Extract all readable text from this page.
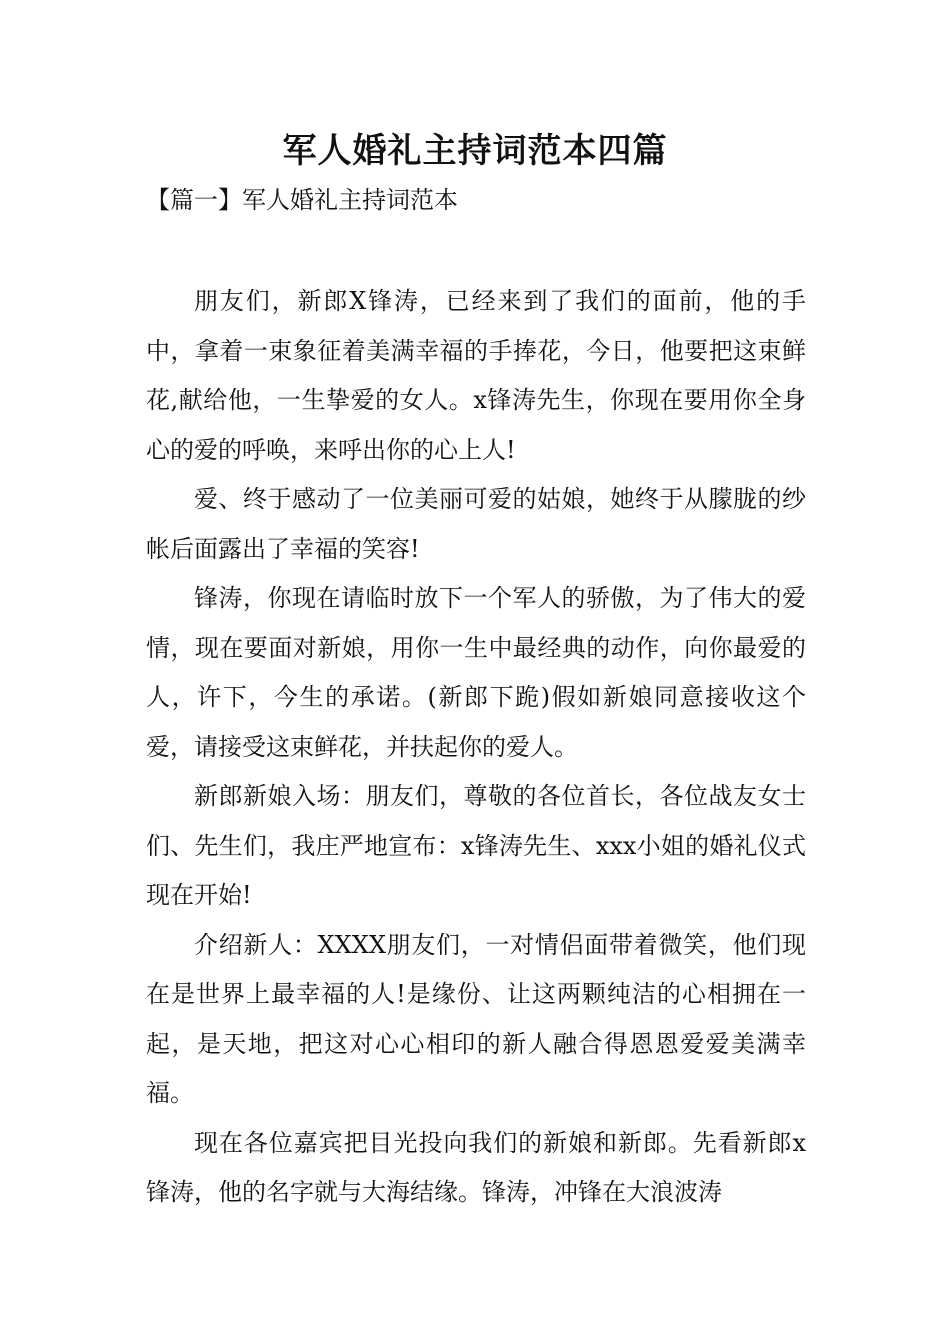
军人婚礼主持词范本四篇
【篇一】军人婚礼主持词范本

朋友们，新郎X锋涛，已经来到了我们的面前，他的手中，拿着一束象征着美满幸福的手捧花，今日，他要把这束鲜花,献给他，一生挚爱的女人。x锋涛先生，你现在要用你全身心的爱的呼唤，来呼出你的心上人!

爱、终于感动了一位美丽可爱的姑娘，她终于从朦胧的纱帐后面露出了幸福的笑容!

锋涛，你现在请临时放下一个军人的骄傲，为了伟大的爱情，现在要面对新娘，用你一生中最经典的动作，向你最爱的人，许下，今生的承诺。(新郎下跪)假如新娘同意接收这个爱，请接受这束鲜花，并扶起你的爱人。

新郎新娘入场：朋友们，尊敬的各位首长，各位战友女士们、先生们，我庄严地宣布：x锋涛先生、xxx小姐的婚礼仪式现在开始!

介绍新人：XXXX朋友们，一对情侣面带着微笑，他们现在是世界上最幸福的人!是缘份、让这两颗纯洁的心相拥在一起，是天地，把这对心心相印的新人融合得恩恩爱爱美满幸福。

现在各位嘉宾把目光投向我们的新娘和新郎。先看新郎x锋涛，他的名字就与大海结缘。锋涛，冲锋在大浪波涛
